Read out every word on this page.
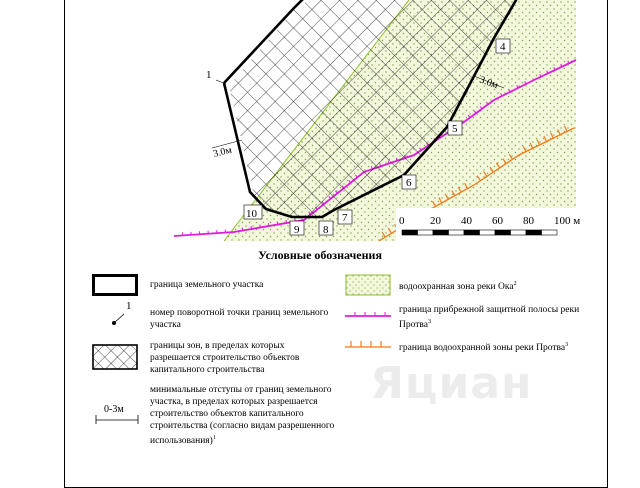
3.0м
3.0м
1
4
5
6
7
8
9
10
0 20 40 60 80 100 м
Условные обозначения
граница земельного участка
1
номер поворотной точки границ земельного участка
границы зон, в пределах которых разрешается строительство объектов капитального строительства
0-3м
минимальные отступы от границ земельного участка, в пределах которых разрешается строительство объектов капитального строительства (согласно видам разрешенного использования)$^1$
водоохранная зона реки Ока$^2$
граница прибрежной защитной полосы реки Протва$^3$
граница водоохранной зоны реки Протва$^3$
Яциан
